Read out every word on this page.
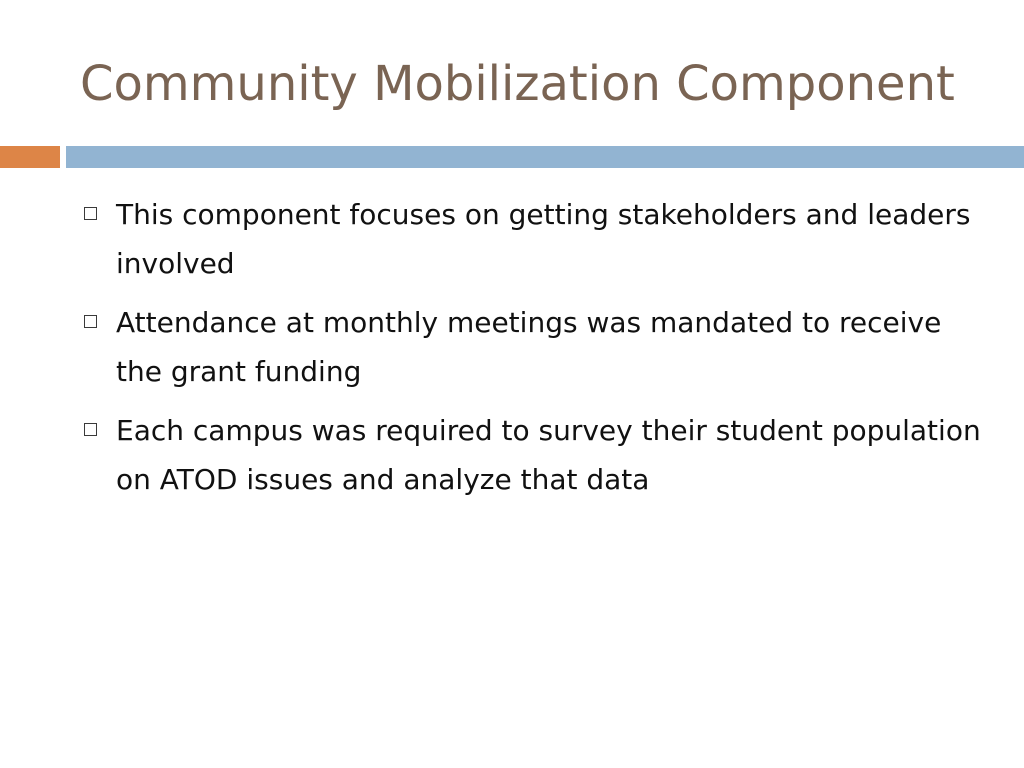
Community Mobilization Component
This component focuses on getting stakeholders and leaders involved
Attendance at monthly meetings was mandated to receive the grant funding
Each campus was required to survey their student population on ATOD issues and analyze that data
